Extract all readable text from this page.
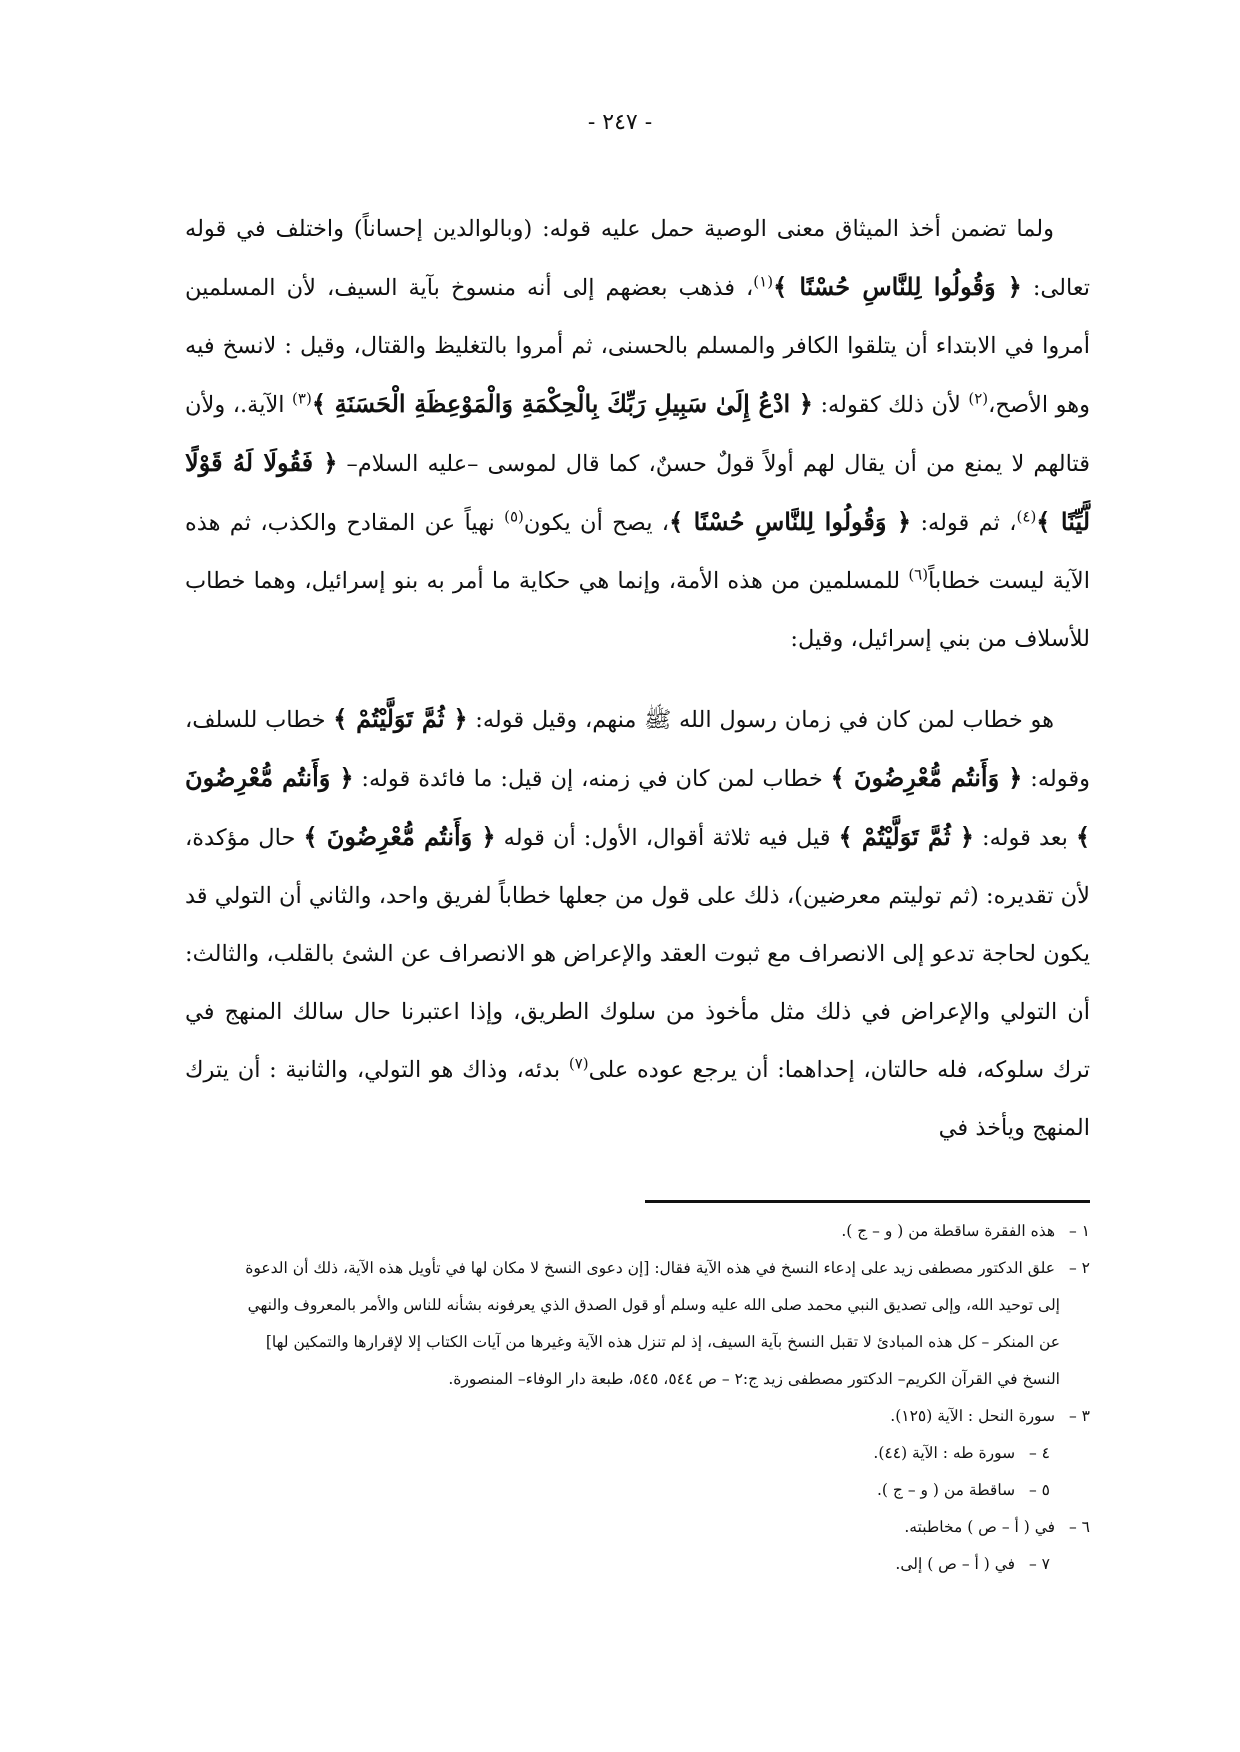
- ٢٤٧ -

ولما تضمن أخذ الميثاق معنى الوصية حمل عليه قوله: (وبالوالدين إحساناً) واختلف في قوله تعالى: ﴿ وَقُولُوا لِلنَّاسِ حُسْنًا ﴾$^{(١)}$، فذهب بعضهم إلى أنه منسوخ بآية السيف، لأن المسلمين أمروا في الابتداء أن يتلقوا الكافر والمسلم بالحسنى، ثم أمروا بالتغليظ والقتال، وقيل : لانسخ فيه وهو الأصح،$^{(٢)}$ لأن ذلك كقوله: ﴿ ادْعُ إِلَىٰ سَبِيلِ رَبِّكَ بِالْحِكْمَةِ وَالْمَوْعِظَةِ الْحَسَنَةِ ﴾$^{(٣)}$ الآية.، ولأن قتالهم لا يمنع من أن يقال لهم أولاً قولٌ حسنٌ، كما قال لموسى –عليه السلام– ﴿ فَقُولَا لَهُ قَوْلًا لَّيِّنًا ﴾$^{(٤)}$، ثم قوله: ﴿ وَقُولُوا لِلنَّاسِ حُسْنًا ﴾، يصح أن يكون$^{(٥)}$ نهياً عن المقادح والكذب، ثم هذه الآية ليست خطاباً$^{(٦)}$ للمسلمين من هذه الأمة، وإنما هي حكاية ما أمر به بنو إسرائيل، وهما خطاب للأسلاف من بني إسرائيل، وقيل:

هو خطاب لمن كان في زمان رسول الله ﷺ منهم، وقيل قوله: ﴿ ثُمَّ تَوَلَّيْتُمْ ﴾ خطاب للسلف، وقوله: ﴿ وَأَنتُم مُّعْرِضُونَ ﴾ خطاب لمن كان في زمنه، إن قيل: ما فائدة قوله: ﴿ وَأَنتُم مُّعْرِضُونَ ﴾ بعد قوله: ﴿ ثُمَّ تَوَلَّيْتُمْ ﴾ قيل فيه ثلاثة أقوال، الأول: أن قوله ﴿ وَأَنتُم مُّعْرِضُونَ ﴾ حال مؤكدة، لأن تقديره: (ثم توليتم معرضين)، ذلك على قول من جعلها خطاباً لفريق واحد، والثاني أن التولي قد يكون لحاجة تدعو إلى الانصراف مع ثبوت العقد والإعراض هو الانصراف عن الشئ بالقلب، والثالث: أن التولي والإعراض في ذلك مثل مأخوذ من سلوك الطريق، وإذا اعتبرنا حال سالك المنهج في ترك سلوكه، فله حالتان، إحداهما: أن يرجع عوده على$^{(٧)}$ بدئه، وذاك هو التولي، والثانية : أن يترك المنهج ويأخذ في

١ – هذه الفقرة ساقطة من ( و – ج ).

٢ – علق الدكتور مصطفى زيد على إدعاء النسخ في هذه الآية فقال: [إن دعوى النسخ لا مكان لها في تأويل هذه الآية، ذلك أن الدعوة

إلى توحيد الله، وإلى تصديق النبي محمد صلى الله عليه وسلم أو قول الصدق الذي يعرفونه بشأنه للناس والأمر بالمعروف والنهي

عن المنكر – كل هذه المبادئ لا تقبل النسخ بآية السيف، إذ لم تنزل هذه الآية وغيرها من آيات الكتاب إلا لإقرارها والتمكين لها]

النسخ في القرآن الكريم– الدكتور مصطفى زيد ج:٢ – ص ٥٤٤، ٥٤٥، طبعة دار الوفاء– المنصورة.

٣ – سورة النحل : الآية (١٢٥).

٤ – سورة طه : الآية (٤٤).

٥ – ساقطة من ( و – ج ).

٦ – في ( أ – ص ) مخاطبته.

٧ – في ( أ – ص ) إلى.
